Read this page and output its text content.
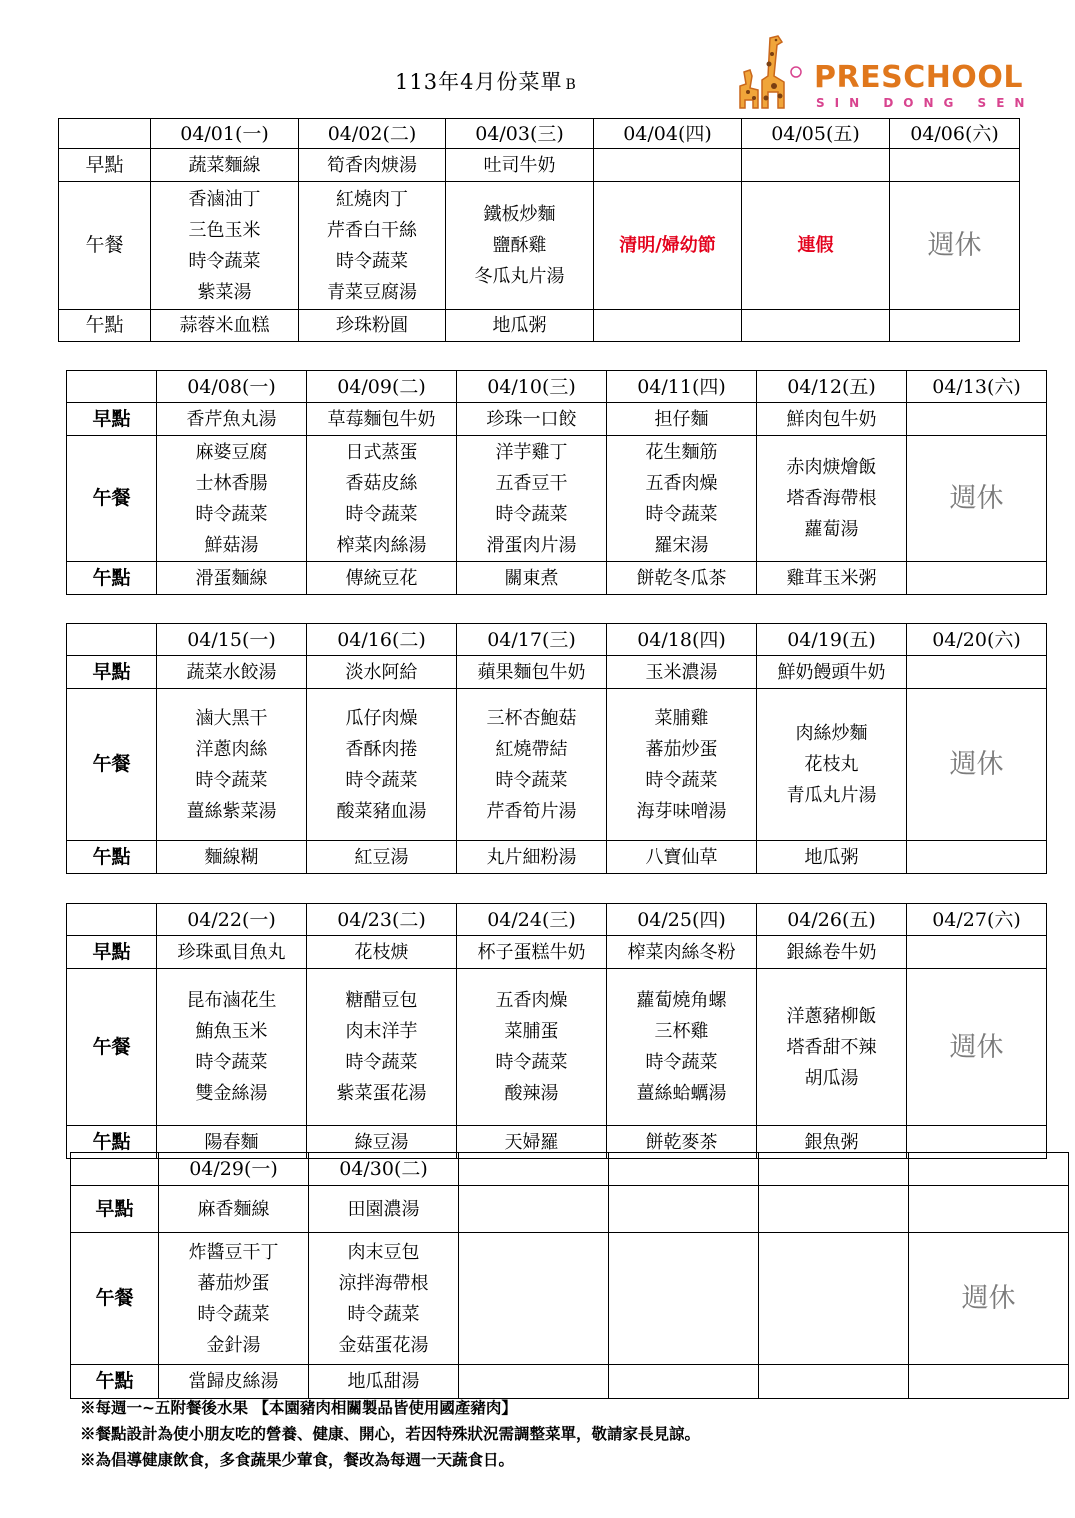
113年4月份菜單 B	PRESCHOOL
SIN DONG SEN
	04/01(一)	04/02(二)	04/03(三)	04/04(四)	04/05(五)	04/06(六)
早點	蔬菜麵線	筍香肉焿湯	吐司牛奶			
午餐	香滷油丁
三色玉米
時令蔬菜
紫菜湯	紅燒肉丁
芹香白干絲
時令蔬菜
青菜豆腐湯	鐵板炒麵
鹽酥雞
冬瓜丸片湯	清明/婦幼節	連假	週休
午點	蒜蓉米血糕	珍珠粉圓	地瓜粥			
	04/08(一)	04/09(二)	04/10(三)	04/11(四)	04/12(五)	04/13(六)
早點	香芹魚丸湯	草莓麵包牛奶	珍珠一口餃	担仔麵	鮮肉包牛奶	
午餐	麻婆豆腐
士林香腸
時令蔬菜
鮮菇湯	日式蒸蛋
香菇皮絲
時令蔬菜
榨菜肉絲湯	洋芋雞丁
五香豆干
時令蔬菜
滑蛋肉片湯	花生麵筋
五香肉燥
時令蔬菜
羅宋湯	赤肉焿燴飯
塔香海帶根
蘿蔔湯	週休
午點	滑蛋麵線	傳統豆花	關東煮	餅乾冬瓜茶	雞茸玉米粥	
	04/15(一)	04/16(二)	04/17(三)	04/18(四)	04/19(五)	04/20(六)
早點	蔬菜水餃湯	淡水阿給	蘋果麵包牛奶	玉米濃湯	鮮奶饅頭牛奶	
午餐	滷大黑干
洋蔥肉絲
時令蔬菜
薑絲紫菜湯	瓜仔肉燥
香酥肉捲
時令蔬菜
酸菜豬血湯	三杯杏鮑菇
紅燒帶結
時令蔬菜
芹香筍片湯	菜脯雞
蕃茄炒蛋
時令蔬菜
海芽味噌湯	肉絲炒麵
花枝丸
青瓜丸片湯	週休
午點	麵線糊	紅豆湯	丸片細粉湯	八寶仙草	地瓜粥	
	04/22(一)	04/23(二)	04/24(三)	04/25(四)	04/26(五)	04/27(六)
早點	珍珠虱目魚丸	花枝焿	杯子蛋糕牛奶	榨菜肉絲冬粉	銀絲卷牛奶	
午餐	昆布滷花生
鮪魚玉米
時令蔬菜
雙金絲湯	糖醋豆包
肉末洋芋
時令蔬菜
紫菜蛋花湯	五香肉燥
菜脯蛋
時令蔬菜
酸辣湯	蘿蔔燒角螺
三杯雞
時令蔬菜
薑絲蛤蠣湯	洋蔥豬柳飯
塔香甜不辣
胡瓜湯	週休
午點	陽春麵	綠豆湯	天婦羅	餅乾麥茶	銀魚粥	
	04/29(一)	04/30(二)				
早點	麻香麵線	田園濃湯				
午餐	炸醬豆干丁
蕃茄炒蛋
時令蔬菜
金針湯	肉末豆包
涼拌海帶根
時令蔬菜
金菇蛋花湯				週休
午點	當歸皮絲湯	地瓜甜湯				
※每週一~五附餐後水果 【本園豬肉相關製品皆使用國產豬肉】
※餐點設計為使小朋友吃的營養、健康、開心，若因特殊狀況需調整菜單，敬請家長見諒。
※為倡導健康飲食，多食蔬果少葷食，餐改為每週一天蔬食日。
